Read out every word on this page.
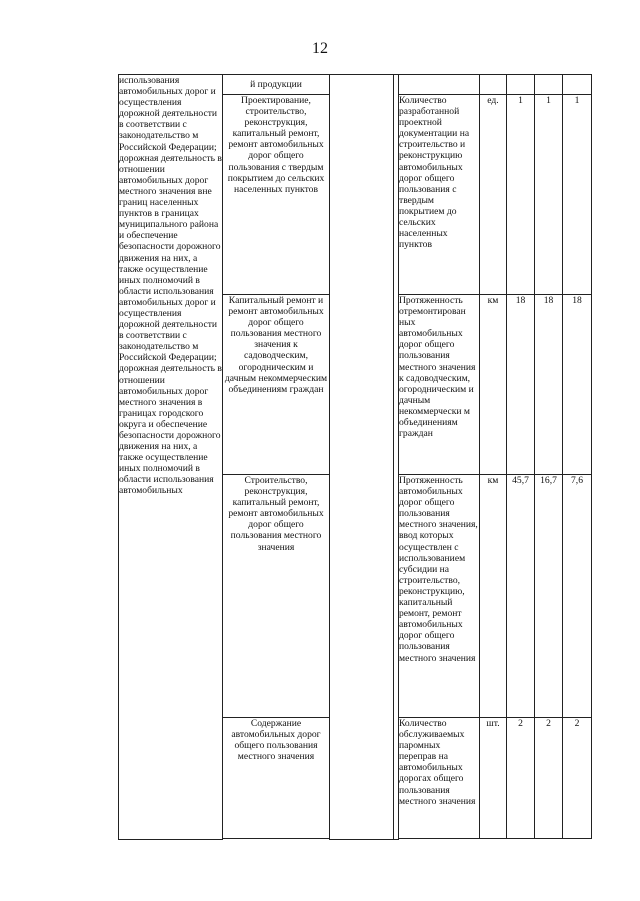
12
использования автомобильных дорог и осуществления дорожной деятельности в соответствии с законодательство м Российской Федерации; дорожная деятельность в отношении автомобильных дорог местного значения вне границ населенных пунктов в границах муниципального района и обеспечение безопасности дорожного движения на них, а также осуществление иных полномочий в области использования автомобильных дорог и осуществления дорожной деятельности в соответствии с законодательство м Российской Федерации; дорожная деятельность в отношении автомобильных дорог местного значения в границах городского округа и обеспечение безопасности дорожного движения на них, а также осуществление иных полномочий в области использования автомобильных	й продукции							
	Проектирование, строительство, реконструкция, капитальный ремонт, ремонт автомобильных дорог общего пользования с твердым покрытием до сельских населенных пунктов			Количество разработанной проектной документации на строительство и реконструкцию автомобильных дорог общего пользования с твердым покрытием до сельских населенных пунктов	ед.	1	1	1
	Капитальный ремонт и ремонт автомобильных дорог общего пользования местного значения к садоводческим, огородническим и дачным некоммерческим объединениям граждан			Протяженность отремонтирован ных автомобильных дорог общего пользования местного значения к садоводческим, огородническим и дачным некоммерчески м объединениям граждан	км	18	18	18
	Строительство, реконструкция, капитальный ремонт, ремонт автомобильных дорог общего пользования местного значения			Протяженность автомобильных дорог общего пользования местного значения, ввод которых осуществлен с использованием субсидии на строительство, реконструкцию, капитальный ремонт, ремонт автомобильных дорог общего пользования местного значения	км	45,7	16,7	7,6
	Содержание автомобильных дорог общего пользования местного значения			Количество обслуживаемых паромных переправ на автомобильных дорогах общего пользования местного значения	шт.	2	2	2
